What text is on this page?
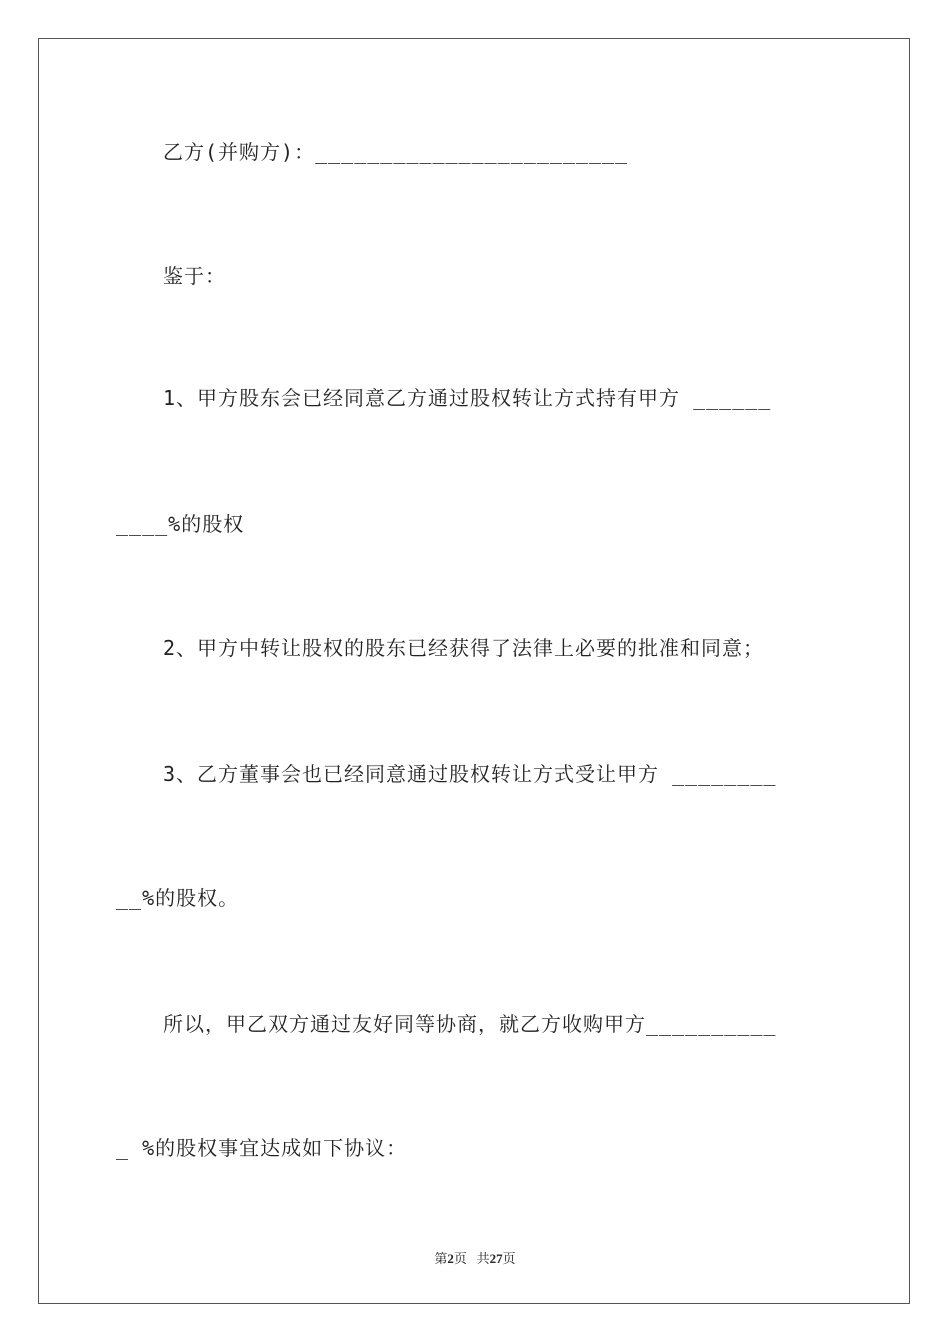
乙方(并购方)：________________________
鉴于：
1、甲方股东会已经同意乙方通过股权转让方式持有甲方 ______
____%的股权
2、甲方中转让股权的股东已经获得了法律上必要的批准和同意；
3、乙方董事会也已经同意通过股权转让方式受让甲方 ________
__%的股权。
所以，甲乙双方通过友好同等协商，就乙方收购甲方__________
_ %的股权事宜达成如下协议：
第2页 共27页
